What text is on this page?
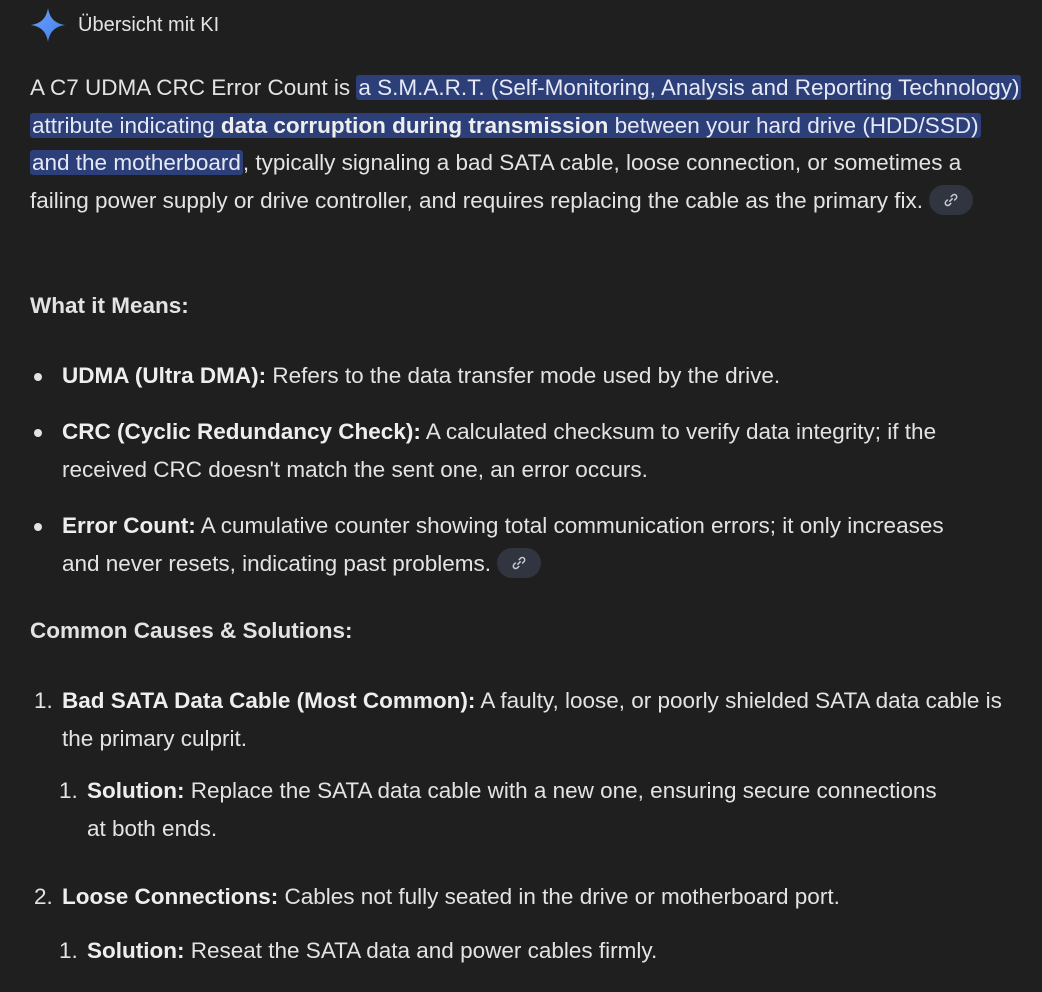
Übersicht mit KI

A C7 UDMA CRC Error Count is a S.M.A.R.T. (Self-Monitoring, Analysis and Reporting Technology) attribute indicating data corruption during transmission between your hard drive (HDD/SSD) and the motherboard, typically signaling a bad SATA cable, loose connection, or sometimes a failing power supply or drive controller, and requires replacing the cable as the primary fix.

What it Means:

UDMA (Ultra DMA): Refers to the data transfer mode used by the drive.

CRC (Cyclic Redundancy Check): A calculated checksum to verify data integrity; if the received CRC doesn't match the sent one, an error occurs.

Error Count: A cumulative counter showing total communication errors; it only increases and never resets, indicating past problems.

Common Causes & Solutions:
1. Bad SATA Data Cable (Most Common): A faulty, loose, or poorly shielded SATA data cable is the primary culprit.

1. Solution: Replace the SATA data cable with a new one, ensuring secure connections at both ends.

2. Loose Connections: Cables not fully seated in the drive or motherboard port.

1. Solution: Reseat the SATA data and power cables firmly.
